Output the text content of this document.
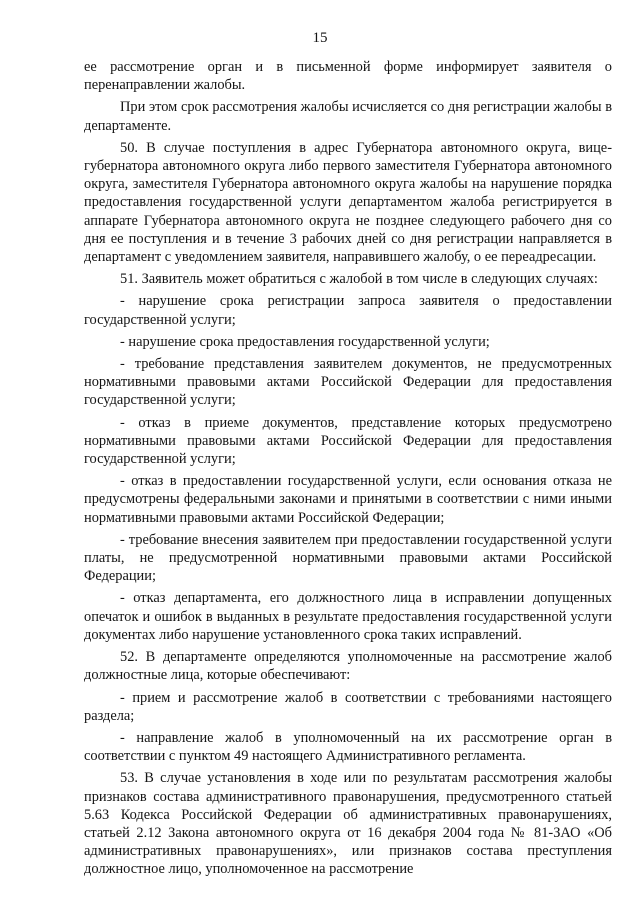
15

ее рассмотрение орган и в письменной форме информирует заявителя о перенаправлении жалобы.

При этом срок рассмотрения жалобы исчисляется со дня регистрации жалобы в департаменте.

50. В случае поступления в адрес Губернатора автономного округа, вице-губернатора автономного округа либо первого заместителя Губернатора автономного округа, заместителя Губернатора автономного округа жалобы на нарушение порядка предоставления государственной услуги департаментом жалоба регистрируется в аппарате Губернатора автономного округа не позднее следующего рабочего дня со дня ее поступления и в течение 3 рабочих дней со дня регистрации направляется в департамент с уведомлением заявителя, направившего жалобу, о ее переадресации.

51. Заявитель может обратиться с жалобой в том числе в следующих случаях:

- нарушение срока регистрации запроса заявителя о предоставлении государственной услуги;

- нарушение срока предоставления государственной услуги;

- требование представления заявителем документов, не предусмотренных нормативными правовыми актами Российской Федерации для предоставления государственной услуги;

- отказ в приеме документов, представление которых предусмотрено нормативными правовыми актами Российской Федерации для предоставления государственной услуги;

- отказ в предоставлении государственной услуги, если основания отказа не предусмотрены федеральными законами и принятыми в соответствии с ними иными нормативными правовыми актами Российской Федерации;

- требование внесения заявителем при предоставлении государственной услуги платы, не предусмотренной нормативными правовыми актами Российской Федерации;

- отказ департамента, его должностного лица в исправлении допущенных опечаток и ошибок в выданных в результате предоставления государственной услуги документах либо нарушение установленного срока таких исправлений.

52. В департаменте определяются уполномоченные на рассмотрение жалоб должностные лица, которые обеспечивают:

- прием и рассмотрение жалоб в соответствии с требованиями настоящего раздела;

- направление жалоб в уполномоченный на их рассмотрение орган в соответствии с пунктом 49 настоящего Административного регламента.

53. В случае установления в ходе или по результатам рассмотрения жалобы признаков состава административного правонарушения, предусмотренного статьей 5.63 Кодекса Российской Федерации об административных правонарушениях, статьей 2.12 Закона автономного округа от 16 декабря 2004 года № 81-ЗАО «Об административных правонарушениях», или признаков состава преступления должностное лицо, уполномоченное на рассмотрение
